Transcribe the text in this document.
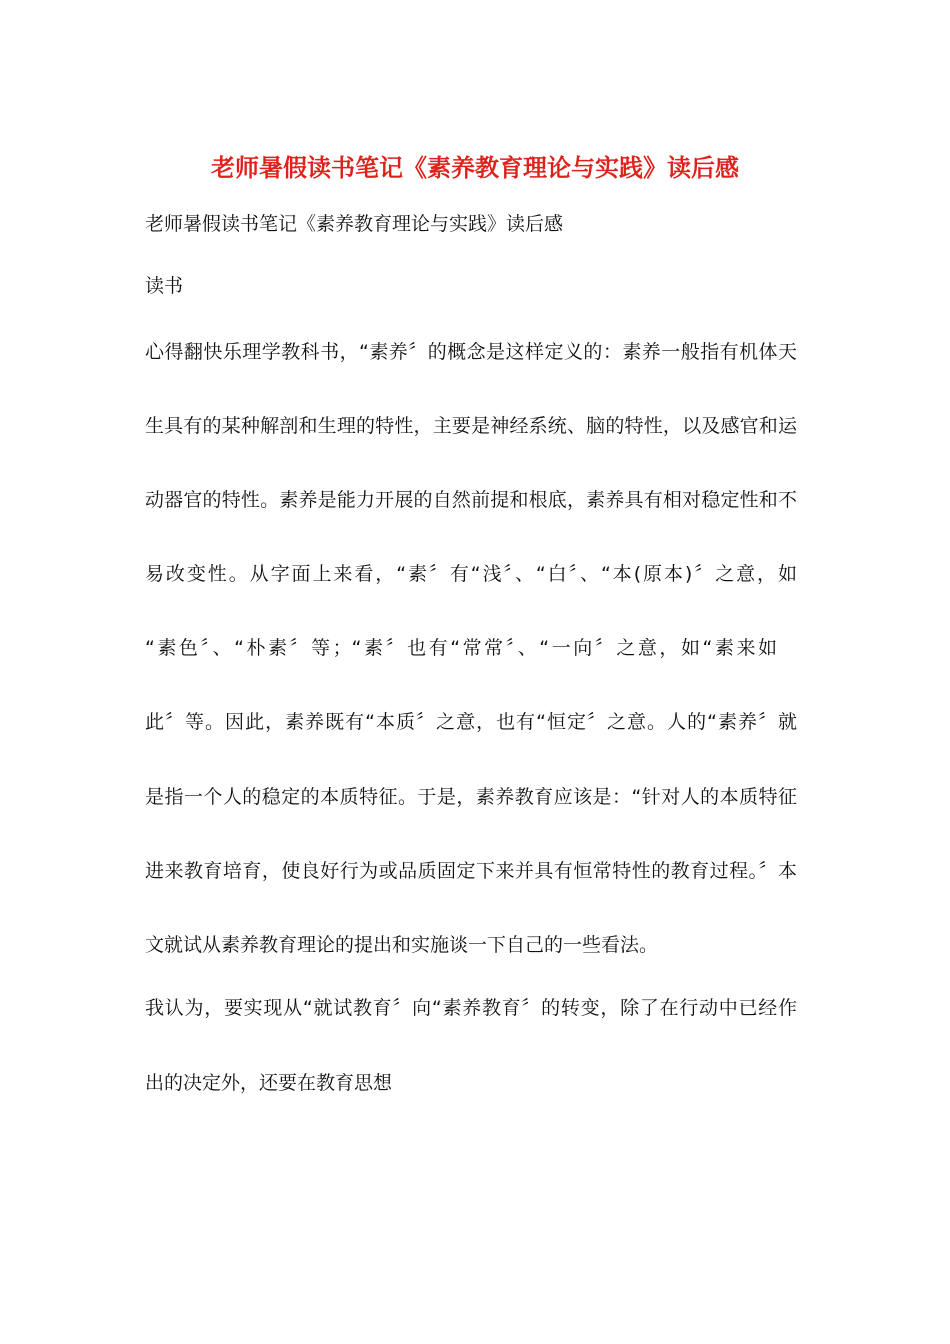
老师暑假读书笔记《素养教育理论与实践》读后感
老师暑假读书笔记《素养教育理论与实践》读后感
读书
心得翻快乐理学教科书，“素养〞的概念是这样定义的：素养一般指有机体天
生具有的某种解剖和生理的特性，主要是神经系统、脑的特性，以及感官和运
动器官的特性。素养是能力开展的自然前提和根底，素养具有相对稳定性和不
易改变性。从字面上来看，“素〞有“浅〞、“白〞、“本(原本)〞之意，如
“素色〞、“朴素〞等；“素〞也有“常常〞、“一向〞之意，如“素来如
此〞等。因此，素养既有“本质〞之意，也有“恒定〞之意。人的“素养〞就
是指一个人的稳定的本质特征。于是，素养教育应该是：“针对人的本质特征
进来教育培育，使良好行为或品质固定下来并具有恒常特性的教育过程。〞本
文就试从素养教育理论的提出和实施谈一下自己的一些看法。
我认为，要实现从“就试教育〞向“素养教育〞的转变，除了在行动中已经作
出的决定外，还要在教育思想
